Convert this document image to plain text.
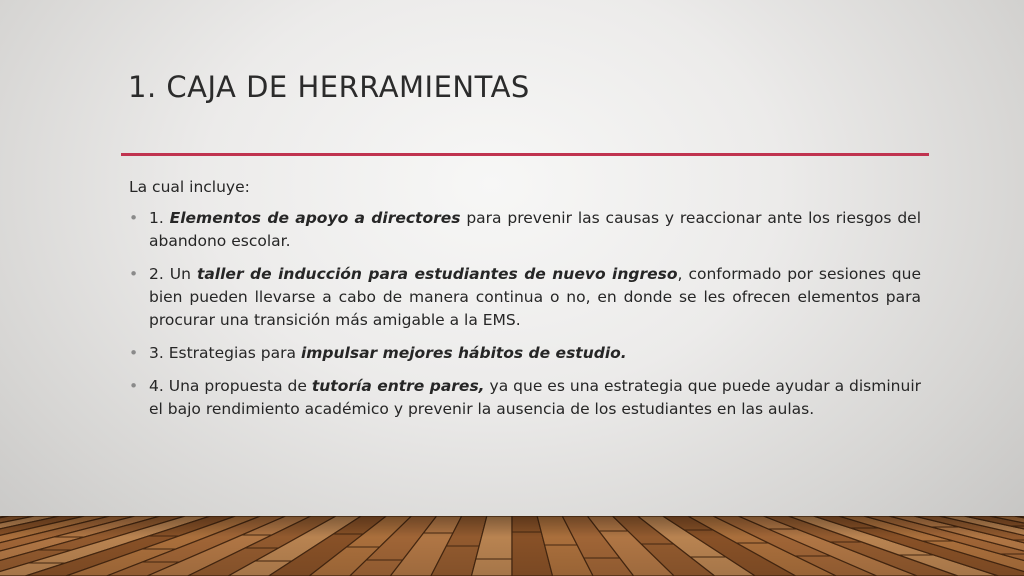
1. CAJA DE HERRAMIENTAS

La cual incluye:

• 1. Elementos de apoyo a directores para prevenir las causas y reaccionar ante los riesgos del abandono escolar.
• 2. Un taller de inducción para estudiantes de nuevo ingreso, conformado por sesiones que bien pueden llevarse a cabo de manera continua o no, en donde se les ofrecen elementos para procurar una transición más amigable a la EMS.
• 3. Estrategias para impulsar mejores hábitos de estudio.
• 4. Una propuesta de tutoría entre pares, ya que es una estrategia que puede ayudar a disminuir el bajo rendimiento académico y prevenir la ausencia de los estudiantes en las aulas.
